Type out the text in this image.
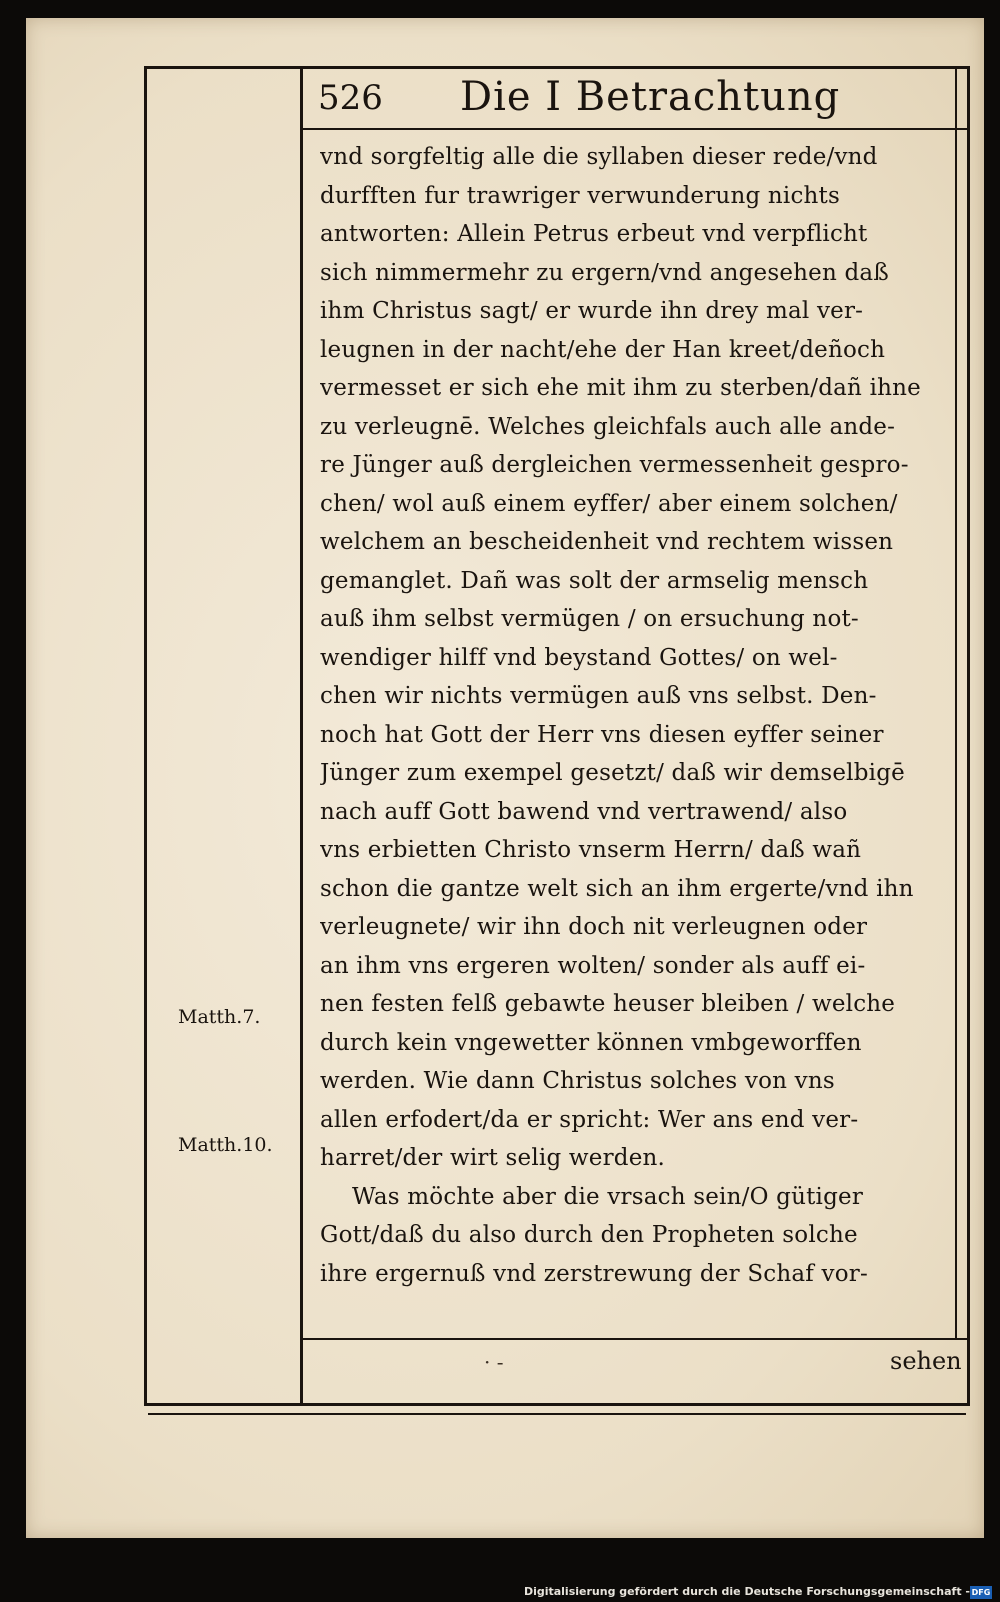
526 Die I Betrachtung
vnd sorgfeltig alle die syllaben dieser rede/vnd
durfften fur trawriger verwunderung nichts
antworten: Allein Petrus erbeut vnd verpflicht
sich nimmermehr zu ergern/vnd angesehen daß
ihm Christus sagt/ er wurde ihn drey mal ver-
leugnen in der nacht/ehe der Han kreet/deñoch
vermesset er sich ehe mit ihm zu sterben/dañ ihne
zu verleugnē. Welches gleichfals auch alle ande-
re Jünger auß dergleichen vermessenheit gespro-
chen/ wol auß einem eyffer/ aber einem solchen/
welchem an bescheidenheit vnd rechtem wissen
gemanglet. Dañ was solt der armselig mensch
auß ihm selbst vermügen / on ersuchung not-
wendiger hilff vnd beystand Gottes/ on wel-
chen wir nichts vermügen auß vns selbst. Den-
noch hat Gott der Herr vns diesen eyffer seiner
Jünger zum exempel gesetzt/ daß wir demselbigē
nach auff Gott bawend vnd vertrawend/ also
vns erbietten Christo vnserm Herrn/ daß wañ
schon die gantze welt sich an ihm ergerte/vnd ihn
verleugnete/ wir ihn doch nit verleugnen oder
an ihm vns ergeren wolten/ sonder als auff ei-
nen festen felß gebawte heuser bleiben / welche
durch kein vngewetter können vmbgeworffen
werden. Wie dann Christus solches von vns
allen erfodert/da er spricht: Wer ans end ver-
harret/der wirt selig werden.
Was möchte aber die vrsach sein/O gütiger
Gott/daß du also durch den Propheten solche
ihre ergernuß vnd zerstrewung der Schaf vor-
Matth.7.
Matth.10.
· -	sehen
Digitalisierung gefördert durch die Deutsche Forschungsgemeinschaft - DFG
